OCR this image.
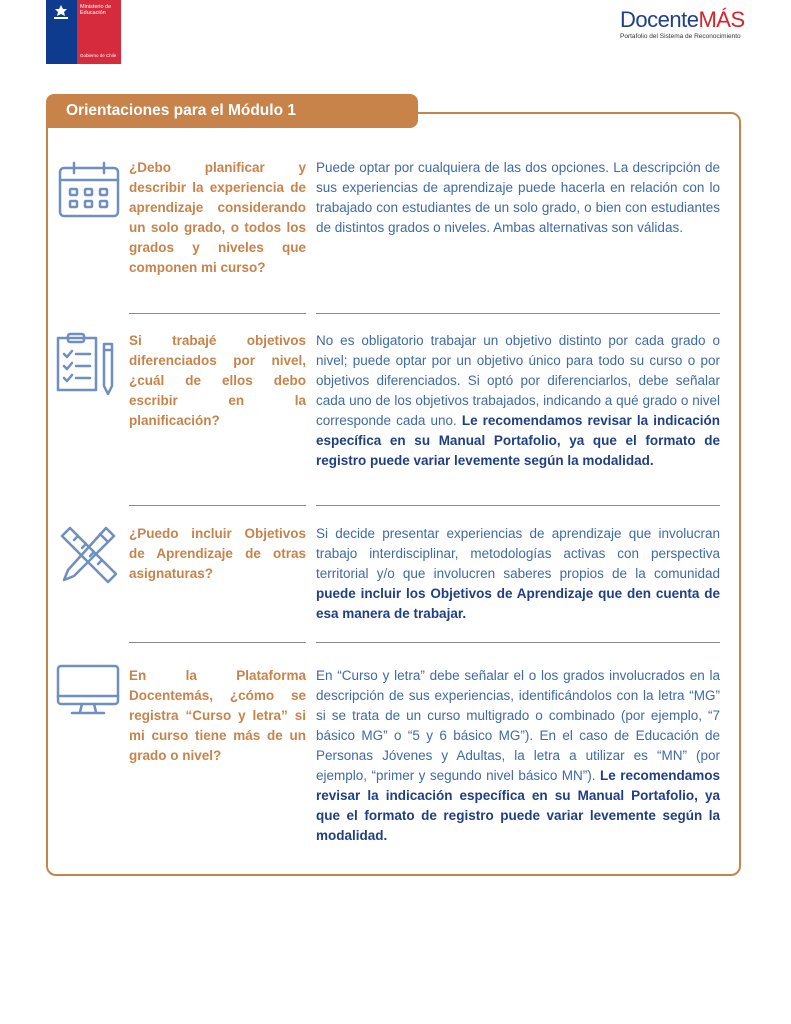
Ministerio de
Educación
Gobierno de Chile
DocenteMÁS
Portafolio del Sistema de Reconocimiento
Orientaciones para el Módulo 1
¿Debo planificar y describir la experiencia de aprendizaje considerando un solo grado, o todos los grados y niveles que componen mi curso?
Puede optar por cualquiera de las dos opciones. La descripción de sus experiencias de aprendizaje puede hacerla en relación con lo trabajado con estudiantes de un solo grado, o bien con estudiantes de distintos grados o niveles. Ambas alternativas son válidas.
Si trabajé objetivos diferenciados por nivel, ¿cuál de ellos debo escribir en la planificación?
No es obligatorio trabajar un objetivo distinto por cada grado o nivel; puede optar por un objetivo único para todo su curso o por objetivos diferenciados. Si optó por diferenciarlos, debe señalar cada uno de los objetivos trabajados, indicando a qué grado o nivel corresponde cada uno. Le recomendamos revisar la indicación específica en su Manual Portafolio, ya que el formato de registro puede variar levemente según la modalidad.
¿Puedo incluir Objetivos de Aprendizaje de otras asignaturas?
Si decide presentar experiencias de aprendizaje que involucran trabajo interdisciplinar, metodologías activas con perspectiva territorial y/o que involucren saberes propios de la comunidad puede incluir los Objetivos de Aprendizaje que den cuenta de esa manera de trabajar.
En la Plataforma Docentemás, ¿cómo se registra “Curso y letra” si mi curso tiene más de un grado o nivel?
En “Curso y letra” debe señalar el o los grados involucrados en la descripción de sus experiencias, identificándolos con la letra “MG” si se trata de un curso multigrado o combinado (por ejemplo, “7 básico MG” o “5 y 6 básico MG”). En el caso de Educación de Personas Jóvenes y Adultas, la letra a utilizar es “MN” (por ejemplo, “primer y segundo nivel básico MN”). Le recomendamos revisar la indicación específica en su Manual Portafolio, ya que el formato de registro puede variar levemente según la modalidad.
